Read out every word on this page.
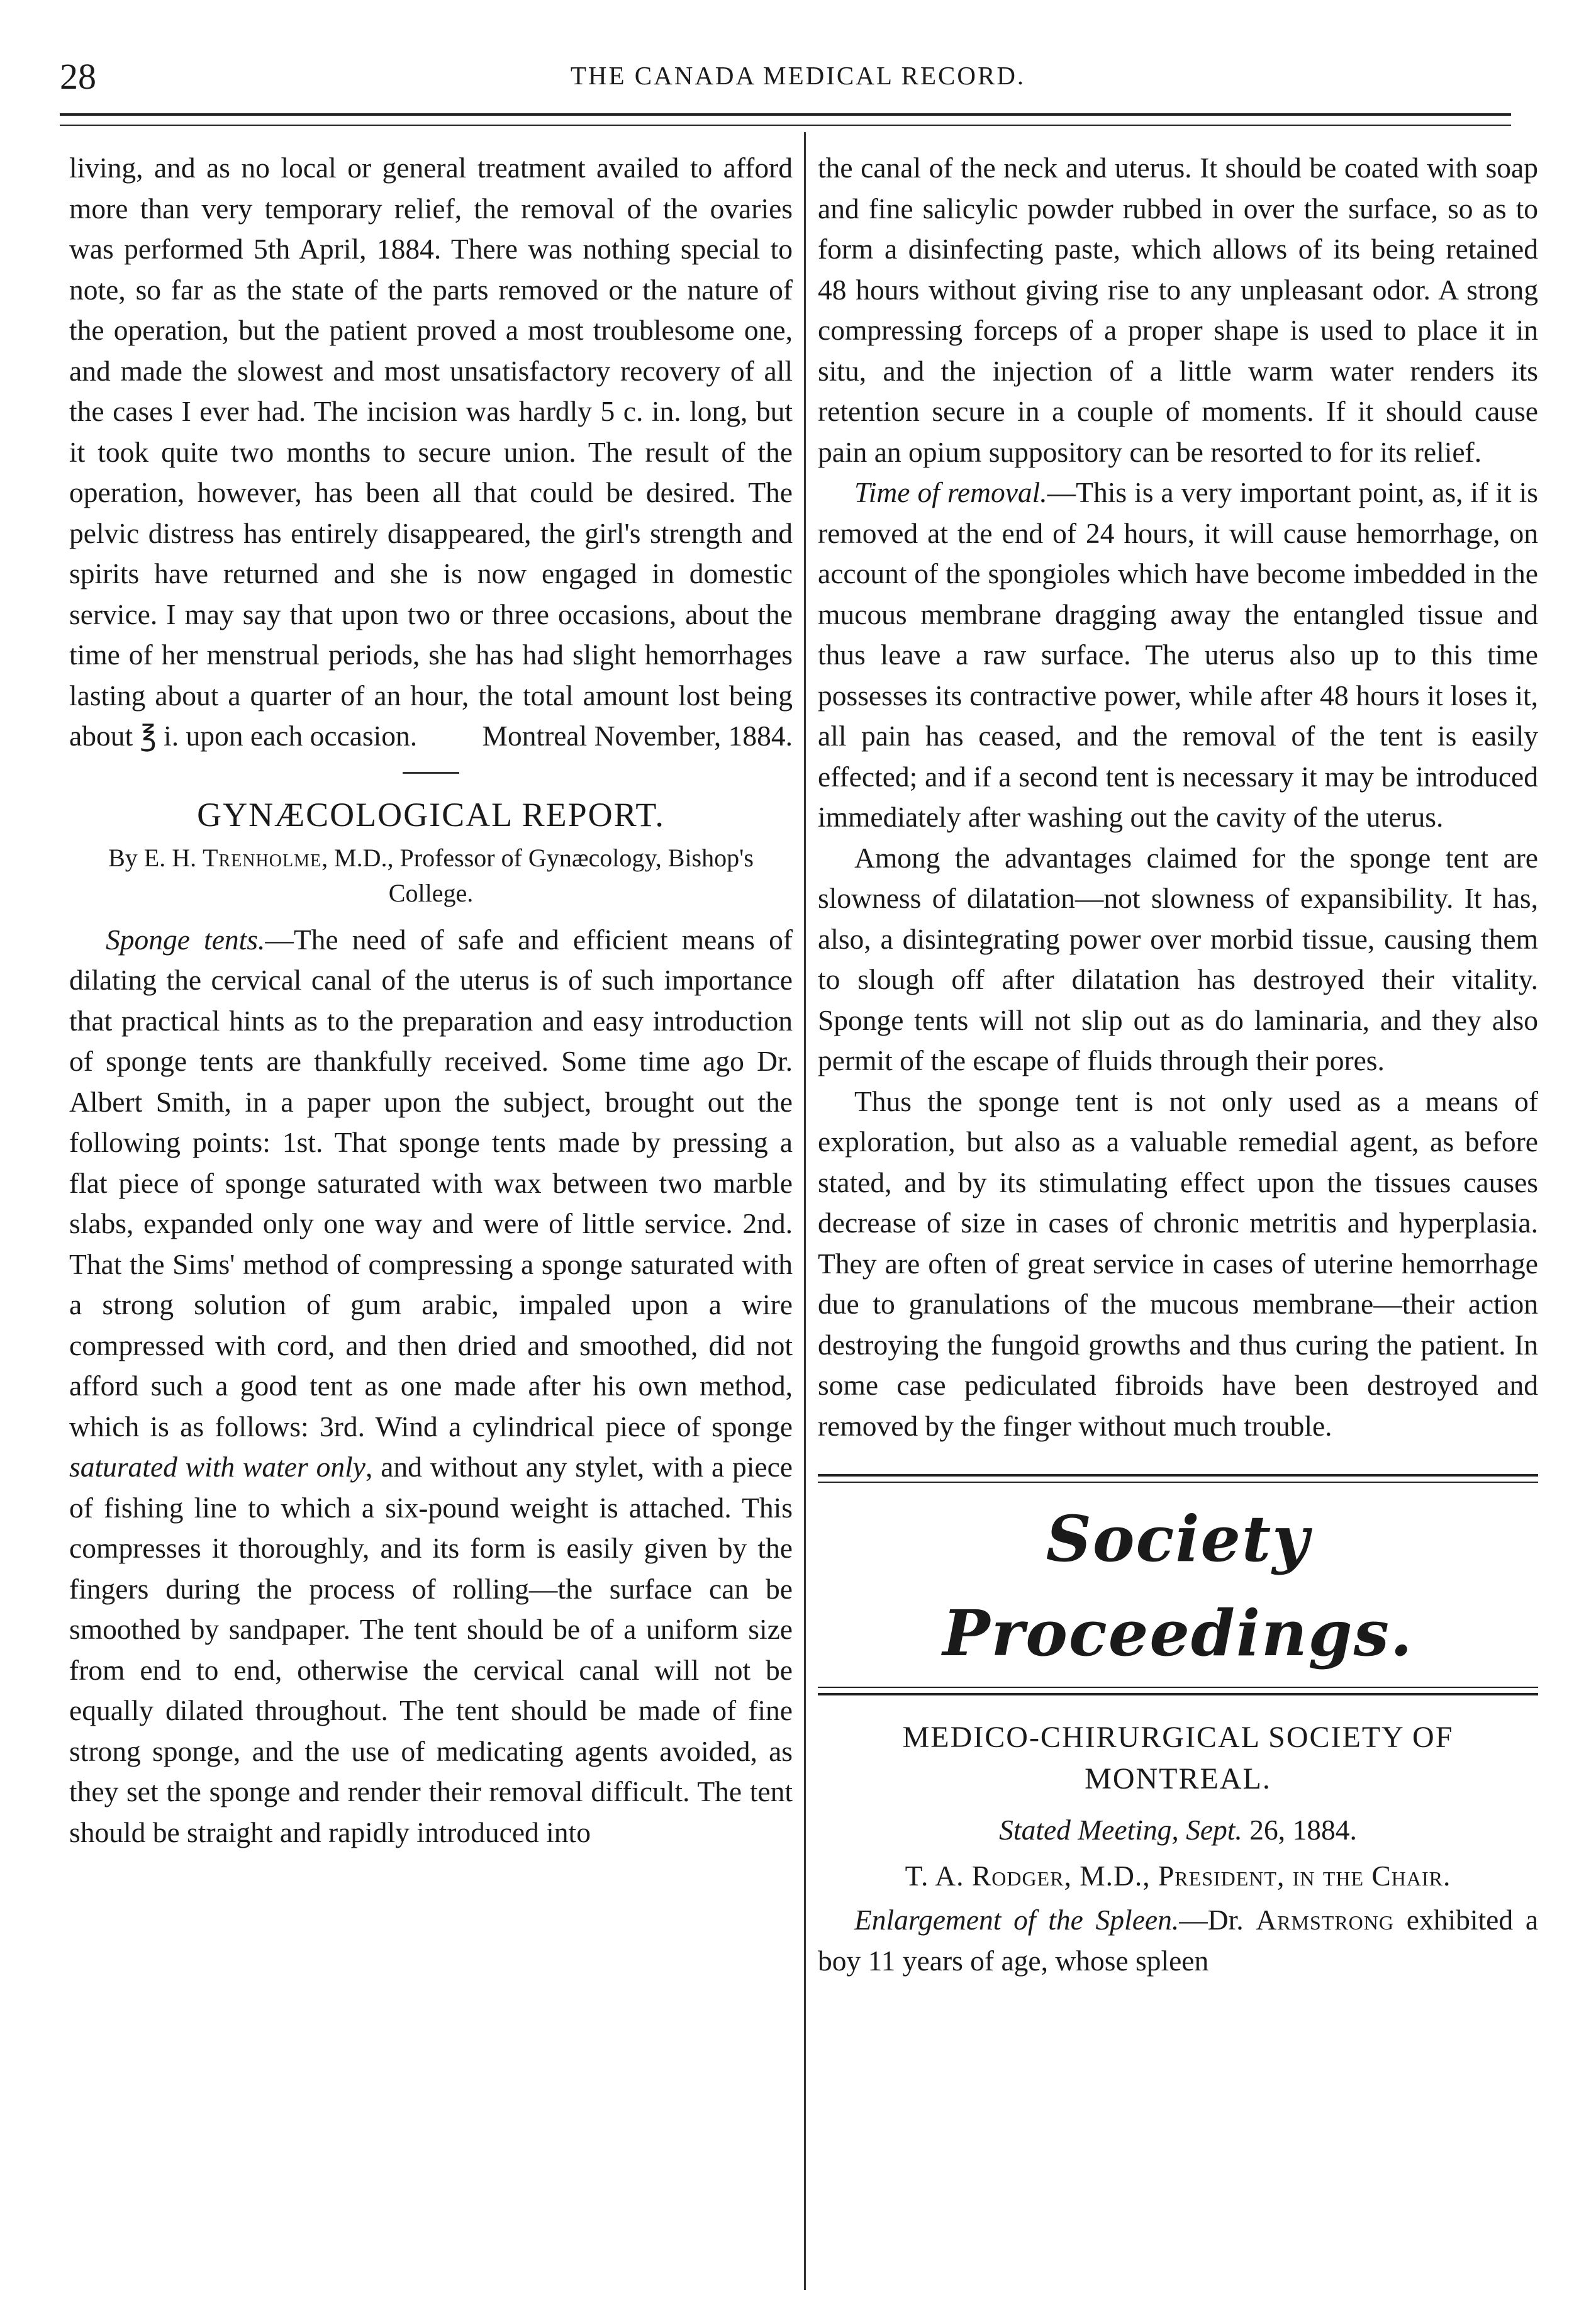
28	THE CANADA MEDICAL RECORD.

living, and as no local or general treatment availed to afford more than very temporary relief, the removal of the ovaries was performed 5th April, 1884. There was nothing special to note, so far as the state of the parts removed or the nature of the operation, but the patient proved a most troublesome one, and made the slowest and most unsatisfactory recovery of all the cases I ever had. The incision was hardly 5 c. in. long, but it took quite two months to secure union. The result of the operation, however, has been all that could be desired. The pelvic distress has entirely disappeared, the girl's strength and spirits have returned and she is now engaged in domestic service. I may say that upon two or three occasions, about the time of her menstrual periods, she has had slight hemorrhages lasting about a quarter of an hour, the total amount lost being about ℥ i. upon each occasion. Montreal November, 1884.

GYNÆCOLOGICAL REPORT.
By E. H. Trenholme, M.D., Professor of Gynæcology, Bishop's College.

Sponge tents.—The need of safe and efficient means of dilating the cervical canal of the uterus is of such importance that practical hints as to the preparation and easy introduction of sponge tents are thankfully received. Some time ago Dr. Albert Smith, in a paper upon the subject, brought out the following points: 1st. That sponge tents made by pressing a flat piece of sponge saturated with wax between two marble slabs, expanded only one way and were of little service. 2nd. That the Sims' method of compressing a sponge saturated with a strong solution of gum arabic, impaled upon a wire compressed with cord, and then dried and smoothed, did not afford such a good tent as one made after his own method, which is as follows: 3rd. Wind a cylindrical piece of sponge saturated with water only, and without any stylet, with a piece of fishing line to which a six-pound weight is attached. This compresses it thoroughly, and its form is easily given by the fingers during the process of rolling—the surface can be smoothed by sandpaper. The tent should be of a uniform size from end to end, otherwise the cervical canal will not be equally dilated throughout. The tent should be made of fine strong sponge, and the use of medicating agents avoided, as they set the sponge and render their removal difficult. The tent should be straight and rapidly introduced into

the canal of the neck and uterus. It should be coated with soap and fine salicylic powder rubbed in over the surface, so as to form a disinfecting paste, which allows of its being retained 48 hours without giving rise to any unpleasant odor. A strong compressing forceps of a proper shape is used to place it in situ, and the injection of a little warm water renders its retention secure in a couple of moments. If it should cause pain an opium suppository can be resorted to for its relief.

Time of removal.—This is a very important point, as, if it is removed at the end of 24 hours, it will cause hemorrhage, on account of the spongioles which have become imbedded in the mucous membrane dragging away the entangled tissue and thus leave a raw surface. The uterus also up to this time possesses its contractive power, while after 48 hours it loses it, all pain has ceased, and the removal of the tent is easily effected; and if a second tent is necessary it may be introduced immediately after washing out the cavity of the uterus.

Among the advantages claimed for the sponge tent are slowness of dilatation—not slowness of expansibility. It has, also, a disintegrating power over morbid tissue, causing them to slough off after dilatation has destroyed their vitality. Sponge tents will not slip out as do laminaria, and they also permit of the escape of fluids through their pores.

Thus the sponge tent is not only used as a means of exploration, but also as a valuable remedial agent, as before stated, and by its stimulating effect upon the tissues causes decrease of size in cases of chronic metritis and hyperplasia. They are often of great service in cases of uterine hemorrhage due to granulations of the mucous membrane—their action destroying the fungoid growths and thus curing the patient. In some case pediculated fibroids have been destroyed and removed by the finger without much trouble.

Society Proceedings.
MEDICO-CHIRURGICAL SOCIETY OF MONTREAL.
Stated Meeting, Sept. 26, 1884.
T. A. Rodger, M.D., President, in the Chair.

Enlargement of the Spleen.—Dr. Armstrong exhibited a boy 11 years of age, whose spleen
